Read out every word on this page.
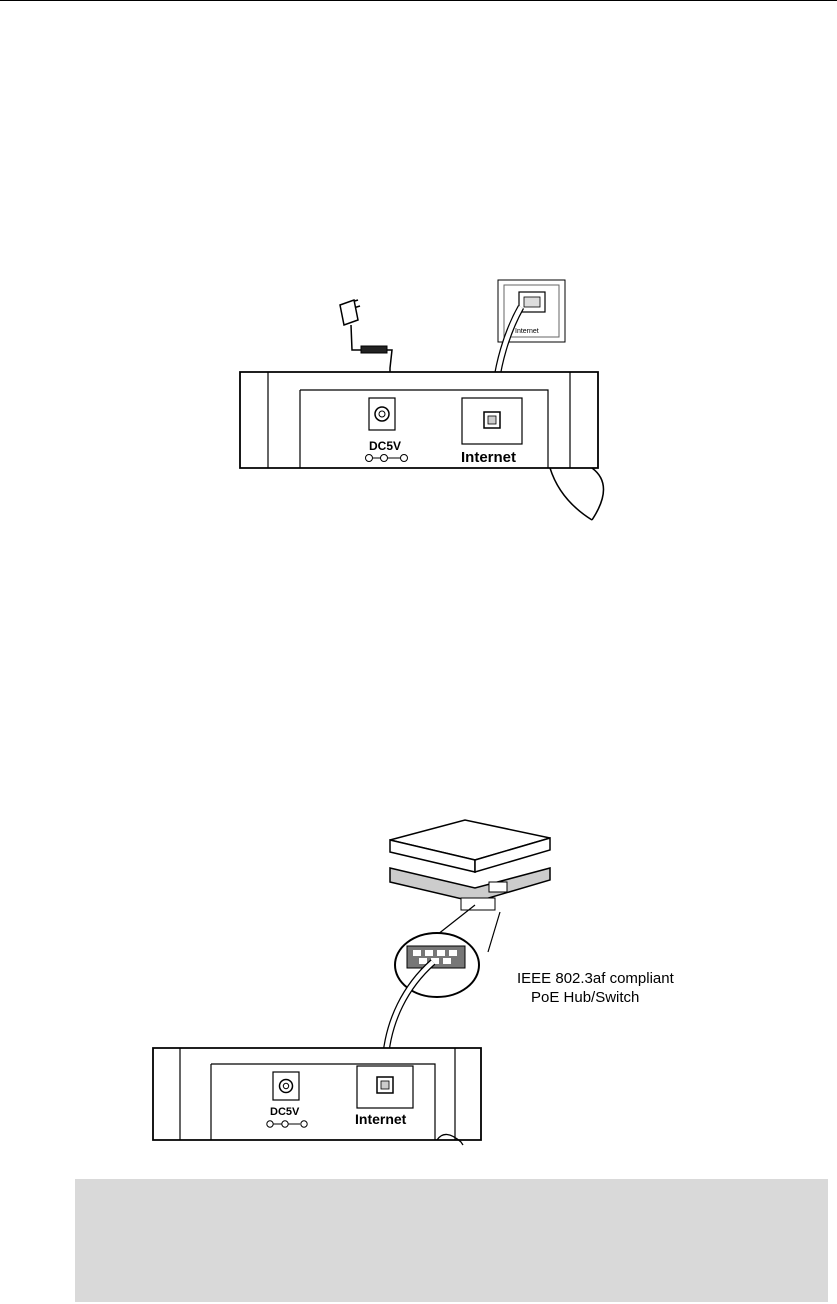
Internet
DC5V
Internet
IEEE 802.3af compliant
PoE Hub/Switch
DC5V	Internet
